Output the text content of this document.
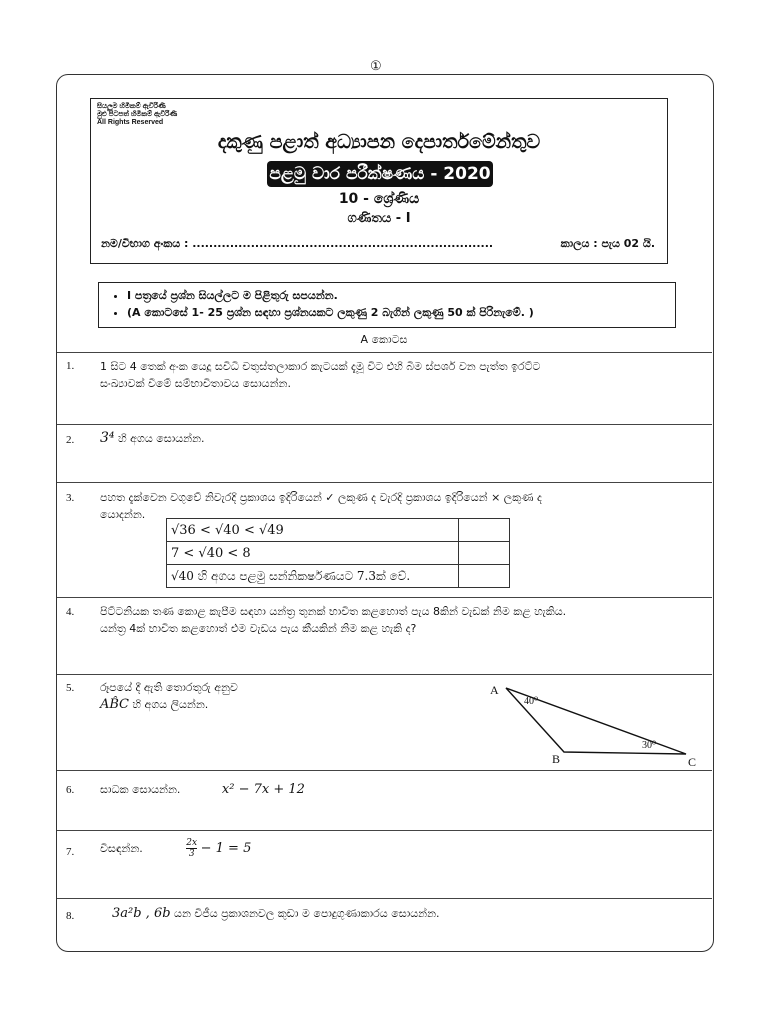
①
සියලුම හිමිකම් ඇවිරිණි
මුළු පිටපත් හිමිකම් ඇවිරිණි
All Rights Reserved
දකුණු පළාත් අධ්‍යාපන දෙපාර්තමේන්තුව
පළමු වාර පරීක්ෂණය - 2020
10 - ශ්‍රේණිය
ගණිතය - I
නම/විභාග අංකය : ........................................................................	කාලය : පැය 02 යි.
• I පත්‍රයේ ප්‍රශ්න සියල්ලට ම පිළිතුරු සපයන්න.
• (A කොටසේ 1- 25 ප්‍රශ්න සඳහා ප්‍රශ්නයකට ලකුණු 2 බැගින් ලකුණු 50 ක් පිරිනැමේ. )
A කොටස
1. 1 සිට 4 තෙක් අංක යෙදූ සවිධි චතුස්තලාකාර කැටයක් දැමූ විට එහි බිම ස්පර්ශ වන පැත්ත ඉරට්ට
සංඛ්‍යාවක් වීමේ සම්භාවිතාවය සොයන්න.
2. 3⁴ හි අගය සොයන්න.
3. පහත දැක්වෙන වගුවේ නිවැරදි ප්‍රකාශය ඉදිරියෙන් ✓ ලකුණ ද වැරදි ප්‍රකාශය ඉදිරියෙන් × ලකුණ ද
යොදන්න.
√36 < √40 < √49	
7 < √40 < 8	
√40 හි අගය පළමු සන්නිකර්ෂණයට 7.3ක් වේ.	
4. පිට්ටනියක තණ කොළ කැපීම සඳහා යන්ත්‍ර තුනක් භාවිත කළහොත් පැය 8කින් වැඩක් නිම කළ හැකිය.
යන්ත්‍ර 4ක් භාවිත කළහොත් එම වැඩය පැය කීයකින් නිම කළ හැකි ද?
5. රූපයේ දී ඇති තොරතුරු අනුව
AB̂C හි අගය ලියන්න.
A
B	C
40⁰
30⁰
6. සාධක සොයන්න.	x² − 7x + 12
7. විසඳන්න.	$\frac{2x}{3} - 1 = 5$
8.	3a²b , 6b යන වීජීය ප්‍රකාශනවල කුඩා ම පොදුගුණාකාරය සොයන්න.
